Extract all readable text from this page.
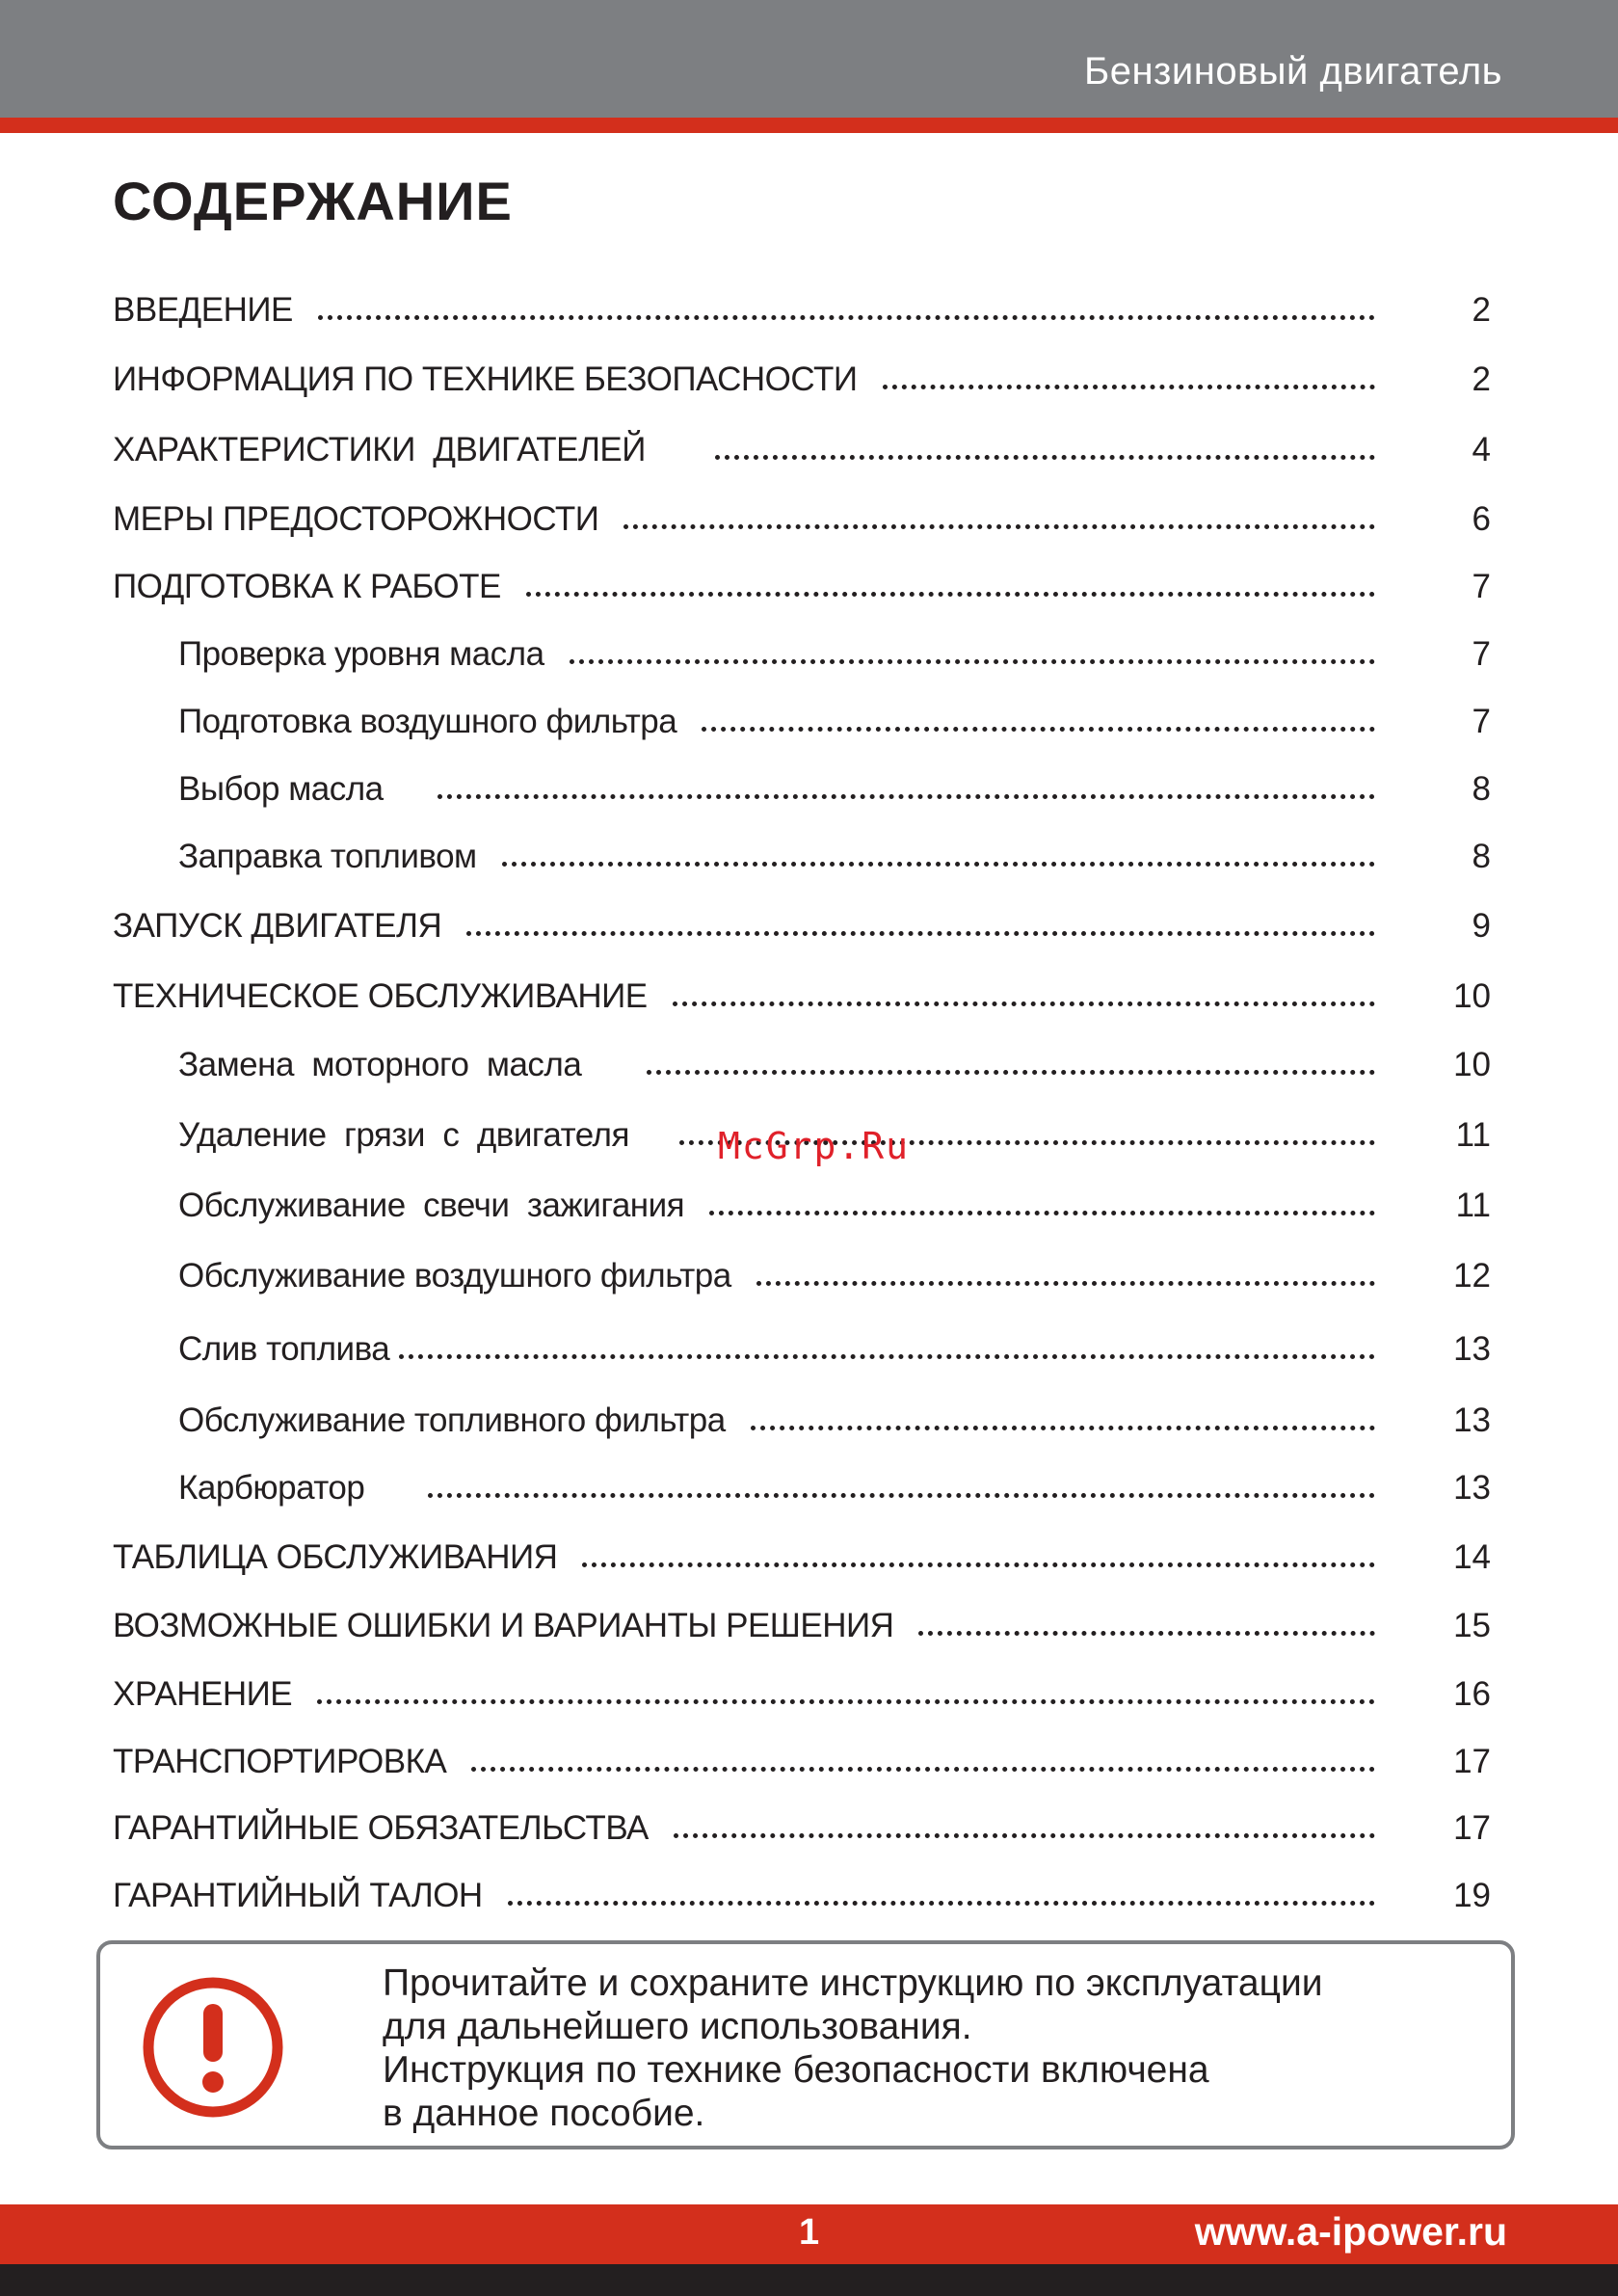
Бензиновый двигатель
СОДЕРЖАНИЕ
ВВЕДЕНИЕ	2
ИНФОРМАЦИЯ ПО ТЕХНИКЕ БЕЗОПАСНОСТИ	2
ХАРАКТЕРИСТИКИ  ДВИГАТЕЛЕЙ	4
МЕРЫ ПРЕДОСТОРОЖНОСТИ	6
ПОДГОТОВКА К РАБОТЕ	7
Проверка уровня масла	7
Подготовка воздушного фильтра	7
Выбор масла	8
Заправка топливом	8
ЗАПУСК ДВИГАТЕЛЯ	9
ТЕХНИЧЕСКОЕ ОБСЛУЖИВАНИЕ	10
Замена  моторного  масла	10
Удаление  грязи  с  двигателя	11
Обслуживание  свечи  зажигания	11
Обслуживание воздушного фильтра	12
Слив топлива	13
Обслуживание топливного фильтра	13
Карбюратор	13
ТАБЛИЦА ОБСЛУЖИВАНИЯ	14
ВОЗМОЖНЫЕ ОШИБКИ И ВАРИАНТЫ РЕШЕНИЯ	15
ХРАНЕНИЕ	16
ТРАНСПОРТИРОВКА	17
ГАРАНТИЙНЫЕ ОБЯЗАТЕЛЬСТВА	17
ГАРАНТИЙНЫЙ ТАЛОН	19
McGrp.Ru
Прочитайте и сохраните инструкцию по эксплуатации
для дальнейшего использования.
Инструкция по технике безопасности включена
в данное пособие.
1	www.a-ipower.ru
